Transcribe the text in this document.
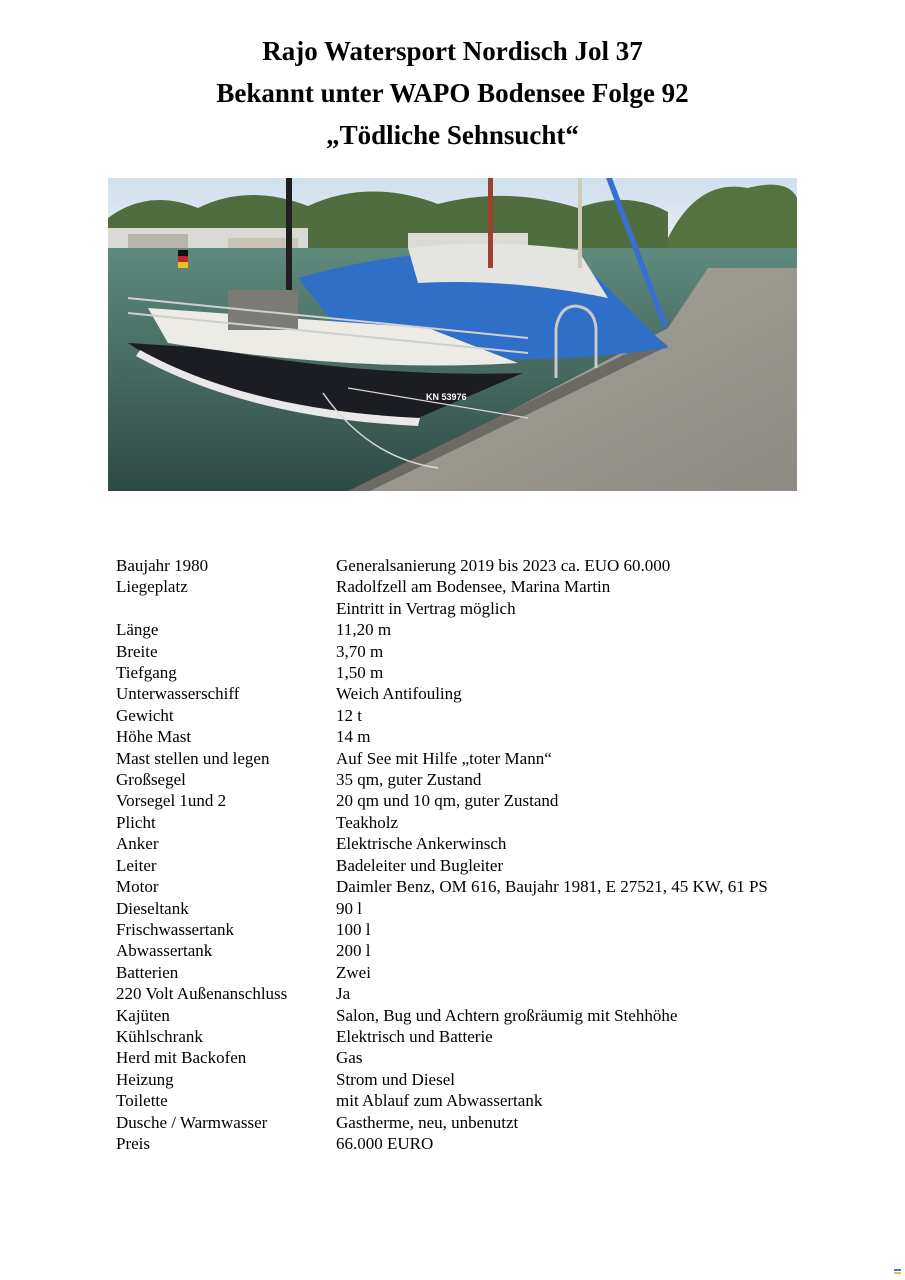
Rajo Watersport Nordisch Jol 37

Bekannt unter WAPO Bodensee Folge 92

„Tödliche Sehnsucht“

KN 53976
Baujahr 1980	Generalsanierung 2019 bis 2023 ca. EUO 60.000
Liegeplatz	Radolfzell am Bodensee, Marina Martin

Eintritt in Vertrag möglich
Länge	11,20 m
Breite	3,70 m
Tiefgang	1,50 m
Unterwasserschiff	Weich Antifouling
Gewicht	12 t
Höhe Mast	14 m
Mast stellen und legen	Auf See mit Hilfe „toter Mann“
Großsegel	35 qm, guter Zustand
Vorsegel 1und 2	20 qm und 10 qm, guter Zustand
Plicht	Teakholz
Anker	Elektrische Ankerwinsch
Leiter	Badeleiter und Bugleiter
Motor	Daimler Benz, OM 616, Baujahr 1981, E 27521, 45 KW, 61 PS
Dieseltank	90 l
Frischwassertank	100 l
Abwassertank	200 l
Batterien	Zwei
220 Volt Außenanschluss	Ja
Kajüten	Salon, Bug und Achtern großräumig mit Stehhöhe
Kühlschrank	Elektrisch und Batterie
Herd mit Backofen	Gas
Heizung	Strom und Diesel
Toilette	mit Ablauf zum Abwassertank
Dusche / Warmwasser	Gastherme, neu, unbenutzt
Preis	66.000 EURO
